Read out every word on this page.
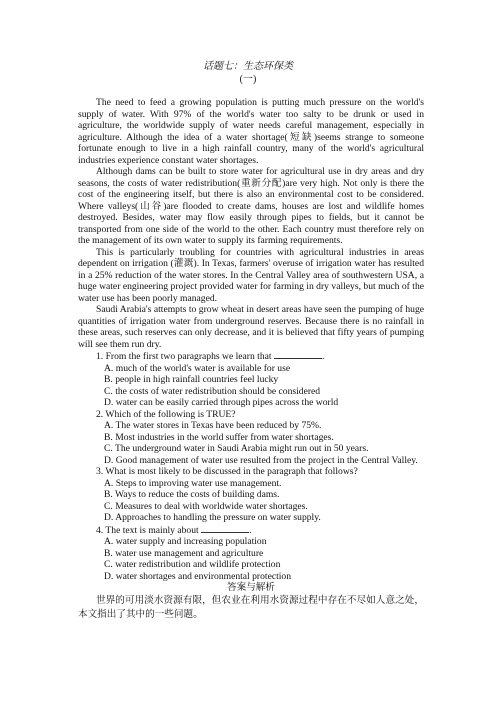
话题七：生态环保类
(一)

The need to feed a growing population is putting much pressure on the world's supply of water. With 97% of the world's water too salty to be drunk or used in agriculture, the worldwide supply of water needs careful management, especially in agriculture. Although the idea of a water shortage(短缺)seems strange to someone fortunate enough to live in a high rainfall country, many of the world's agricultural industries experience constant water shortages.

Although dams can be built to store water for agricultural use in dry areas and dry seasons, the costs of water redistribution(重新分配)are very high. Not only is there the cost of the engineering itself, but there is also an environmental cost to be considered. Where valleys(山谷)are flooded to create dams, houses are lost and wildlife homes destroyed. Besides, water may flow easily through pipes to fields, but it cannot be transported from one side of the world to the other. Each country must therefore rely on the management of its own water to supply its farming requirements.

This is particularly troubling for countries with agricultural industries in areas dependent on irrigation (灌溉). In Texas, farmers' overuse of irrigation water has resulted in a 25% reduction of the water stores. In the Central Valley area of southwestern USA, a huge water engineering project provided water for farming in dry valleys, but much of the water use has been poorly managed.

Saudi Arabia's attempts to grow wheat in desert areas have seen the pumping of huge quantities of irrigation water from underground reserves. Because there is no rainfall in these areas, such reserves can only decrease, and it is believed that fifty years of pumping will see them run dry.

1. From the first two paragraphs we learn that	.

A. much of the world's water is available for use

B. people in high rainfall countries feel lucky

C. the costs of water redistribution should be considered

D. water can be easily carried through pipes across the world

2. Which of the following is TRUE?

A. The water stores in Texas have been reduced by 75%.

B. Most industries in the world suffer from water shortages.

C. The underground water in Saudi Arabia might run out in 50 years.

D. Good management of water use resulted from the project in the Central Valley.

3. What is most likely to be discussed in the paragraph that follows?

A. Steps to improving water use management.

B. Ways to reduce the costs of building dams.

C. Measures to deal with worldwide water shortages.

D. Approaches to handling the pressure on water supply.

4. The text is mainly about	.

A. water supply and increasing population

B. water use management and agriculture

C. water redistribution and wildlife protection

D. water shortages and environmental protection

答案与解析

世界的可用淡水资源有限，但农业在利用水资源过程中存在不尽如人意之处，本文指出了其中的一些问题。
